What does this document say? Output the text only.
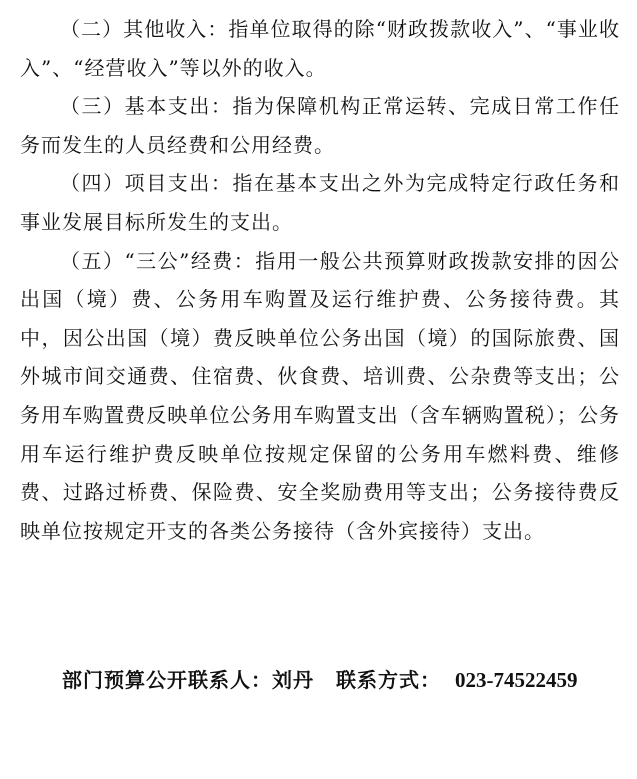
（二）其他收入：指单位取得的除“财政拨款收入”、“事业收入”、“经营收入”等以外的收入。

（三）基本支出：指为保障机构正常运转、完成日常工作任务而发生的人员经费和公用经费。

（四）项目支出：指在基本支出之外为完成特定行政任务和事业发展目标所发生的支出。

（五）“三公”经费：指用一般公共预算财政拨款安排的因公出国（境）费、公务用车购置及运行维护费、公务接待费。其中，因公出国（境）费反映单位公务出国（境）的国际旅费、国外城市间交通费、住宿费、伙食费、培训费、公杂费等支出；公务用车购置费反映单位公务用车购置支出（含车辆购置税）；公务用车运行维护费反映单位按规定保留的公务用车燃料费、维修费、过路过桥费、保险费、安全奖励费用等支出；公务接待费反映单位按规定开支的各类公务接待（含外宾接待）支出。

部门预算公开联系人：刘丹 联系方式： 023-74522459
